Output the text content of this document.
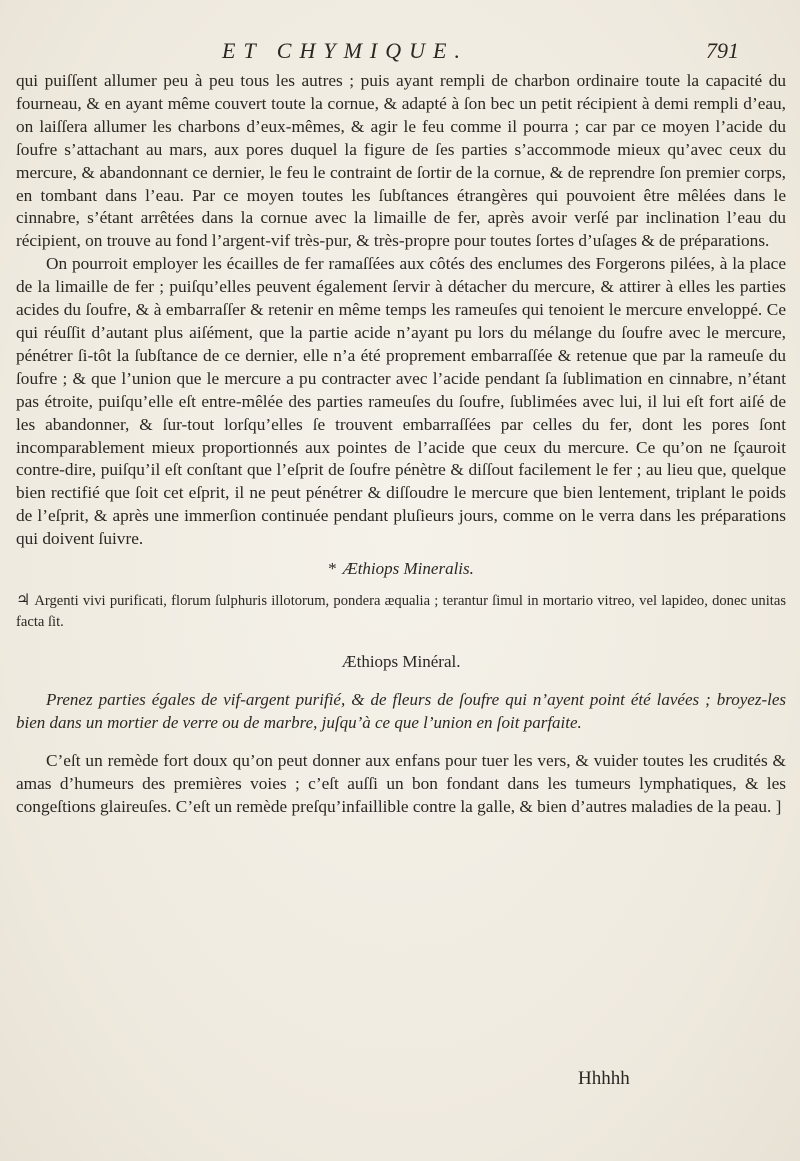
ET CHYMIQUE.	791

qui puiſſent allumer peu à peu tous les autres ; puis ayant rempli de charbon ordinaire toute la capacité du fourneau, & en ayant même couvert toute la cornue, & adapté à ſon bec un petit récipient à demi rempli d’eau, on laiſſera allumer les charbons d’eux-mêmes, & agir le feu comme il pourra ; car par ce moyen l’acide du ſoufre s’attachant au mars, aux pores duquel la figure de ſes parties s’accommode mieux qu’avec ceux du mercure, & abandonnant ce dernier, le feu le contraint de ſortir de la cornue, & de reprendre ſon premier corps, en tombant dans l’eau. Par ce moyen toutes les ſubſtances étrangères qui pouvoient être mêlées dans le cinnabre, s’étant arrêtées dans la cornue avec la limaille de fer, après avoir verſé par inclination l’eau du récipient, on trouve au fond l’argent-vif très-pur, & très-propre pour toutes ſortes d’uſages & de préparations.

On pourroit employer les écailles de fer ramaſſées aux côtés des enclumes des Forgerons pilées, à la place de la limaille de fer ; puiſqu’elles peuvent également ſervir à détacher du mercure, & attirer à elles les parties acides du ſoufre, & à embarraſſer & retenir en même temps les rameuſes qui tenoient le mercure enveloppé. Ce qui réuſſit d’autant plus aiſément, que la partie acide n’ayant pu lors du mélange du ſoufre avec le mercure, pénétrer ſi-tôt la ſubſtance de ce dernier, elle n’a été proprement embarraſſée & retenue que par la rameuſe du ſoufre ; & que l’union que le mercure a pu contracter avec l’acide pendant ſa ſublimation en cinnabre, n’étant pas étroite, puiſqu’elle eſt entre-mêlée des parties rameuſes du ſoufre, ſublimées avec lui, il lui eſt fort aiſé de les abandonner, & ſur-tout lorſqu’elles ſe trouvent embarraſſées par celles du fer, dont les pores ſont incomparablement mieux proportionnés aux pointes de l’acide que ceux du mercure. Ce qu’on ne ſçauroit contre-dire, puiſqu’il eſt conſtant que l’eſprit de ſoufre pénètre & diſſout facilement le fer ; au lieu que, quelque bien rectifié que ſoit cet eſprit, il ne peut pénétrer & diſſoudre le mercure que bien lentement, triplant le poids de l’eſprit, & après une immerſion continuée pendant pluſieurs jours, comme on le verra dans les préparations qui doivent ſuivre.

* Æthiops Mineralis.

♃ Argenti vivi purificati, florum ſulphuris illotorum, pondera æqualia ; terantur ſimul in mortario vitreo, vel lapideo, donec unitas facta ſit.

Æthiops Minéral.

Prenez parties égales de vif-argent purifié, & de fleurs de ſoufre qui n’ayent point été lavées ; broyez-les bien dans un mortier de verre ou de marbre, juſqu’à ce que l’union en ſoit parfaite.

C’eſt un remède fort doux qu’on peut donner aux enfans pour tuer les vers, & vuider toutes les crudités & amas d’humeurs des premières voies ; c’eſt auſſi un bon fondant dans les tumeurs lymphatiques, & les congeſtions glaireuſes. C’eſt un remède preſqu’infaillible contre la galle, & bien d’autres maladies de la peau. ]

Hhhhh
